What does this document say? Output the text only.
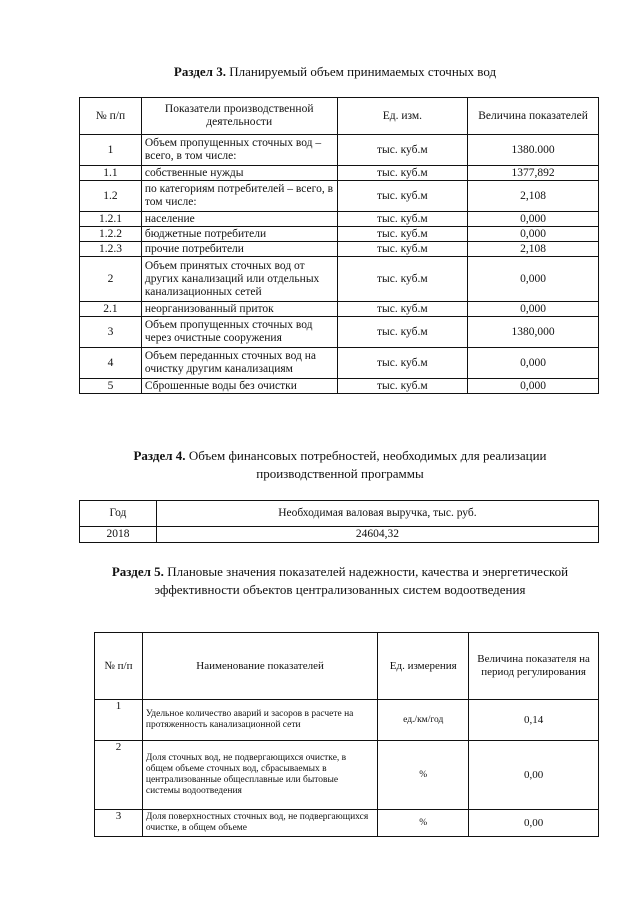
Раздел 3. Планируемый объем принимаемых сточных вод
№ п/п	Показатели производственной деятельности	Ед. изм.	Величина показателей
1	Объем пропущенных сточных вод – всего, в том числе:	тыс. куб.м	1380.000
1.1	собственные нужды	тыс. куб.м	1377,892
1.2	по категориям потребителей – всего, в том числе:	тыс. куб.м	2,108
1.2.1	население	тыс. куб.м	0,000
1.2.2	бюджетные потребители	тыс. куб.м	0,000
1.2.3	прочие потребители	тыс. куб.м	2,108
2	Объем принятых сточных вод от других канализаций или отдельных канализационных сетей	тыс. куб.м	0,000
2.1	неорганизованный приток	тыс. куб.м	0,000
3	Объем пропущенных сточных вод через очистные сооружения	тыс. куб.м	1380,000
4	Объем переданных сточных вод на очистку другим канализациям	тыс. куб.м	0,000
5	Сброшенные воды без очистки	тыс. куб.м	0,000
Раздел 4. Объем финансовых потребностей, необходимых для реализации производственной программы
Год	Необходимая валовая выручка, тыс. руб.
2018	24604,32
Раздел 5. Плановые значения показателей надежности, качества и энергетической эффективности объектов централизованных систем водоотведения
№ п/п	Наименование показателей	Ед. измерения	Величина показателя на период регулирования
1	Удельное количество аварий и засоров в расчете на протяженность канализационной сети	ед./км/год	0,14
2	Доля сточных вод, не подвергающихся очистке, в общем объеме сточных вод, сбрасываемых в централизованные общесплавные или бытовые системы водоотведения	%	0,00
3	Доля поверхностных сточных вод, не подвергающихся очистке, в общем объеме	%	0,00
